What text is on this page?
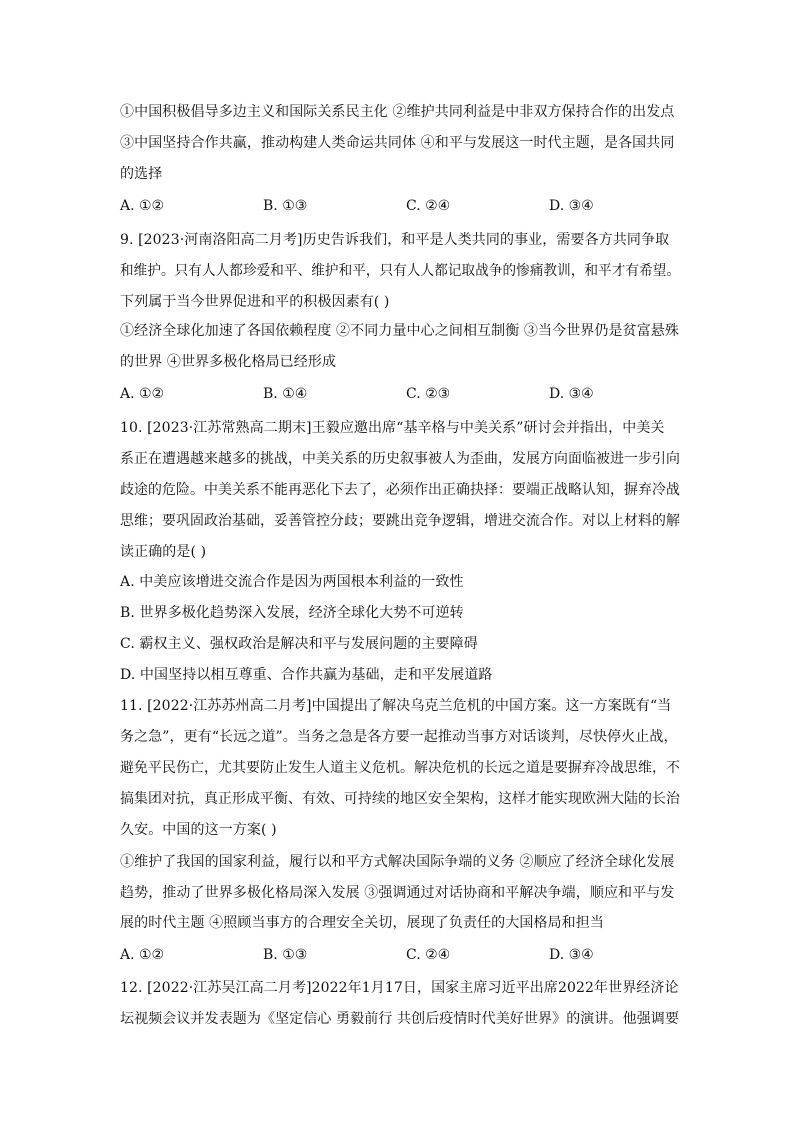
①中国积极倡导多边主义和国际关系民主化 ②维护共同利益是中非双方保持合作的出发点
③中国坚持合作共赢，推动构建人类命运共同体 ④和平与发展这一时代主题，是各国共同
的选择
A. ①②	B. ①③	C. ②④	D. ③④
9. [2023·河南洛阳高二月考]历史告诉我们，和平是人类共同的事业，需要各方共同争取
和维护。只有人人都珍爱和平、维护和平，只有人人都记取战争的惨痛教训，和平才有希望。
下列属于当今世界促进和平的积极因素有( )
①经济全球化加速了各国依赖程度 ②不同力量中心之间相互制衡 ③当今世界仍是贫富悬殊
的世界 ④世界多极化格局已经形成
A. ①②	B. ①④	C. ②③	D. ③④
10. [2023·江苏常熟高二期末]王毅应邀出席“基辛格与中美关系”研讨会并指出，中美关
系正在遭遇越来越多的挑战，中美关系的历史叙事被人为歪曲，发展方向面临被进一步引向
歧途的危险。中美关系不能再恶化下去了，必须作出正确抉择：要端正战略认知，摒弃冷战
思维；要巩固政治基础，妥善管控分歧；要跳出竞争逻辑，增进交流合作。对以上材料的解
读正确的是( )
A. 中美应该增进交流合作是因为两国根本利益的一致性
B. 世界多极化趋势深入发展，经济全球化大势不可逆转
C. 霸权主义、强权政治是解决和平与发展问题的主要障碍
D. 中国坚持以相互尊重、合作共赢为基础，走和平发展道路
11. [2022·江苏苏州高二月考]中国提出了解决乌克兰危机的中国方案。这一方案既有“当
务之急”，更有“长远之道”。当务之急是各方要一起推动当事方对话谈判，尽快停火止战，
避免平民伤亡，尤其要防止发生人道主义危机。解决危机的长远之道是要摒弃冷战思维，不
搞集团对抗，真正形成平衡、有效、可持续的地区安全架构，这样才能实现欧洲大陆的长治
久安。中国的这一方案( )
①维护了我国的国家利益，履行以和平方式解决国际争端的义务 ②顺应了经济全球化发展
趋势，推动了世界多极化格局深入发展 ③强调通过对话协商和平解决争端，顺应和平与发
展的时代主题 ④照顾当事方的合理安全关切，展现了负责任的大国格局和担当
A. ①②	B. ①③	C. ②④	D. ③④
12. [2022·江苏吴江高二月考]2022年1月17日，国家主席习近平出席2022年世界经济论
坛视频会议并发表题为《坚定信心 勇毅前行 共创后疫情时代美好世界》的演讲。他强调要
